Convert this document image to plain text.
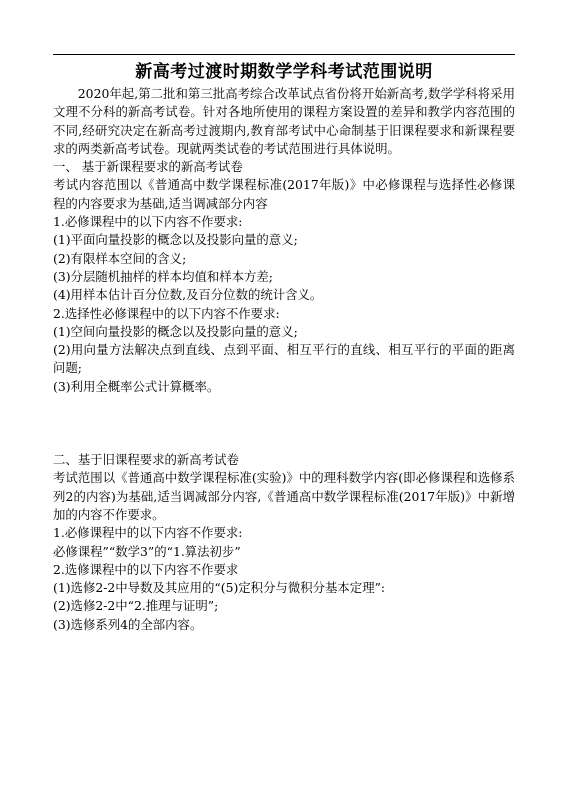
新高考过渡时期数学学科考试范围说明

2020年起,第二批和第三批高考综合改革试点省份将开始新高考,数学学科将采用文理不分科的新高考试卷。针对各地所使用的课程方案设置的差异和教学内容范围的不同,经研究决定在新高考过渡期内,教育部考试中心命制基于旧课程要求和新课程要求的两类新高考试卷。现就两类试卷的考试范围进行具体说明。

一、 基于新课程要求的新高考试卷

考试内容范围以《普通高中数学课程标准(2017年版)》中必修课程与选择性必修课程的内容要求为基础,适当调减部分内容

1.必修课程中的以下内容不作要求:

(1)平面向量投影的概念以及投影向量的意义;

(2)有限样本空间的含义;

(3)分层随机抽样的样本均值和样本方差;

(4)用样本估计百分位数,及百分位数的统计含义。

2.选择性必修课程中的以下内容不作要求:

(1)空间向量投影的概念以及投影向量的意义;

(2)用向量方法解决点到直线、点到平面、相互平行的直线、相互平行的平面的距离问题;

(3)利用全概率公式计算概率。

二、基于旧课程要求的新高考试卷

考试范围以《普通高中数学课程标准(实验)》中的理科数学内容(即必修课程和选修系列2的内容)为基础,适当调减部分内容,《普通高中数学课程标准(2017年版)》中新增加的内容不作要求。

1.必修课程中的以下内容不作要求:

必修课程”“数学3”的“1.算法初步”

2.选修课程中的以下内容不作要求

(1)选修2-2中导数及其应用的“(5)定积分与微积分基本定理”:

(2)选修2-2中“2.推理与证明”;

(3)选修系列4的全部内容。
